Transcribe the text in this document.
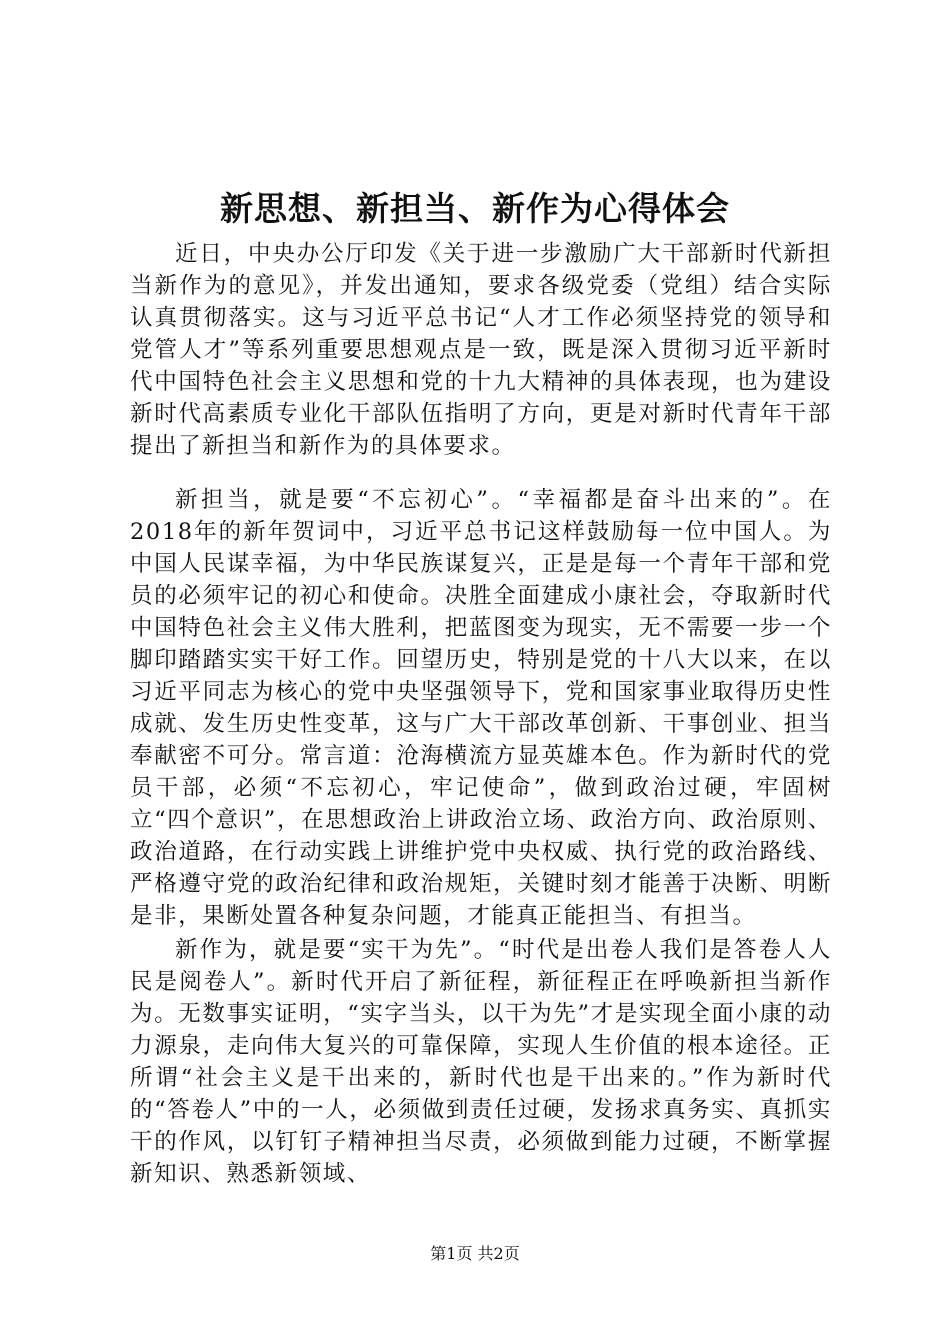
新思想、新担当、新作为心得体会

近日，中央办公厅印发《关于进一步激励广大干部新时代新担当新作为的意见》，并发出通知，要求各级党委（党组）结合实际认真贯彻落实。这与习近平总书记“人才工作必须坚持党的领导和党管人才”等系列重要思想观点是一致，既是深入贯彻习近平新时代中国特色社会主义思想和党的十九大精神的具体表现，也为建设新时代高素质专业化干部队伍指明了方向，更是对新时代青年干部提出了新担当和新作为的具体要求。

新担当，就是要“不忘初心”。“幸福都是奋斗出来的”。在2018年的新年贺词中，习近平总书记这样鼓励每一位中国人。为中国人民谋幸福，为中华民族谋复兴，正是是每一个青年干部和党员的必须牢记的初心和使命。决胜全面建成小康社会，夺取新时代中国特色社会主义伟大胜利，把蓝图变为现实，无不需要一步一个脚印踏踏实实干好工作。回望历史，特别是党的十八大以来，在以习近平同志为核心的党中央坚强领导下，党和国家事业取得历史性成就、发生历史性变革，这与广大干部改革创新、干事创业、担当奉献密不可分。常言道：沧海横流方显英雄本色。作为新时代的党员干部，必须“不忘初心，牢记使命”，做到政治过硬，牢固树立“四个意识”，在思想政治上讲政治立场、政治方向、政治原则、政治道路，在行动实践上讲维护党中央权威、执行党的政治路线、严格遵守党的政治纪律和政治规矩，关键时刻才能善于决断、明断是非，果断处置各种复杂问题，才能真正能担当、有担当。

新作为，就是要“实干为先”。“时代是出卷人我们是答卷人人民是阅卷人”。新时代开启了新征程，新征程正在呼唤新担当新作为。无数事实证明，“实字当头，以干为先”才是实现全面小康的动力源泉，走向伟大复兴的可靠保障，实现人生价值的根本途径。正所谓“社会主义是干出来的，新时代也是干出来的。”作为新时代的“答卷人”中的一人，必须做到责任过硬，发扬求真务实、真抓实干的作风，以钉钉子精神担当尽责，必须做到能力过硬，不断掌握新知识、熟悉新领域、

第1页 共2页
